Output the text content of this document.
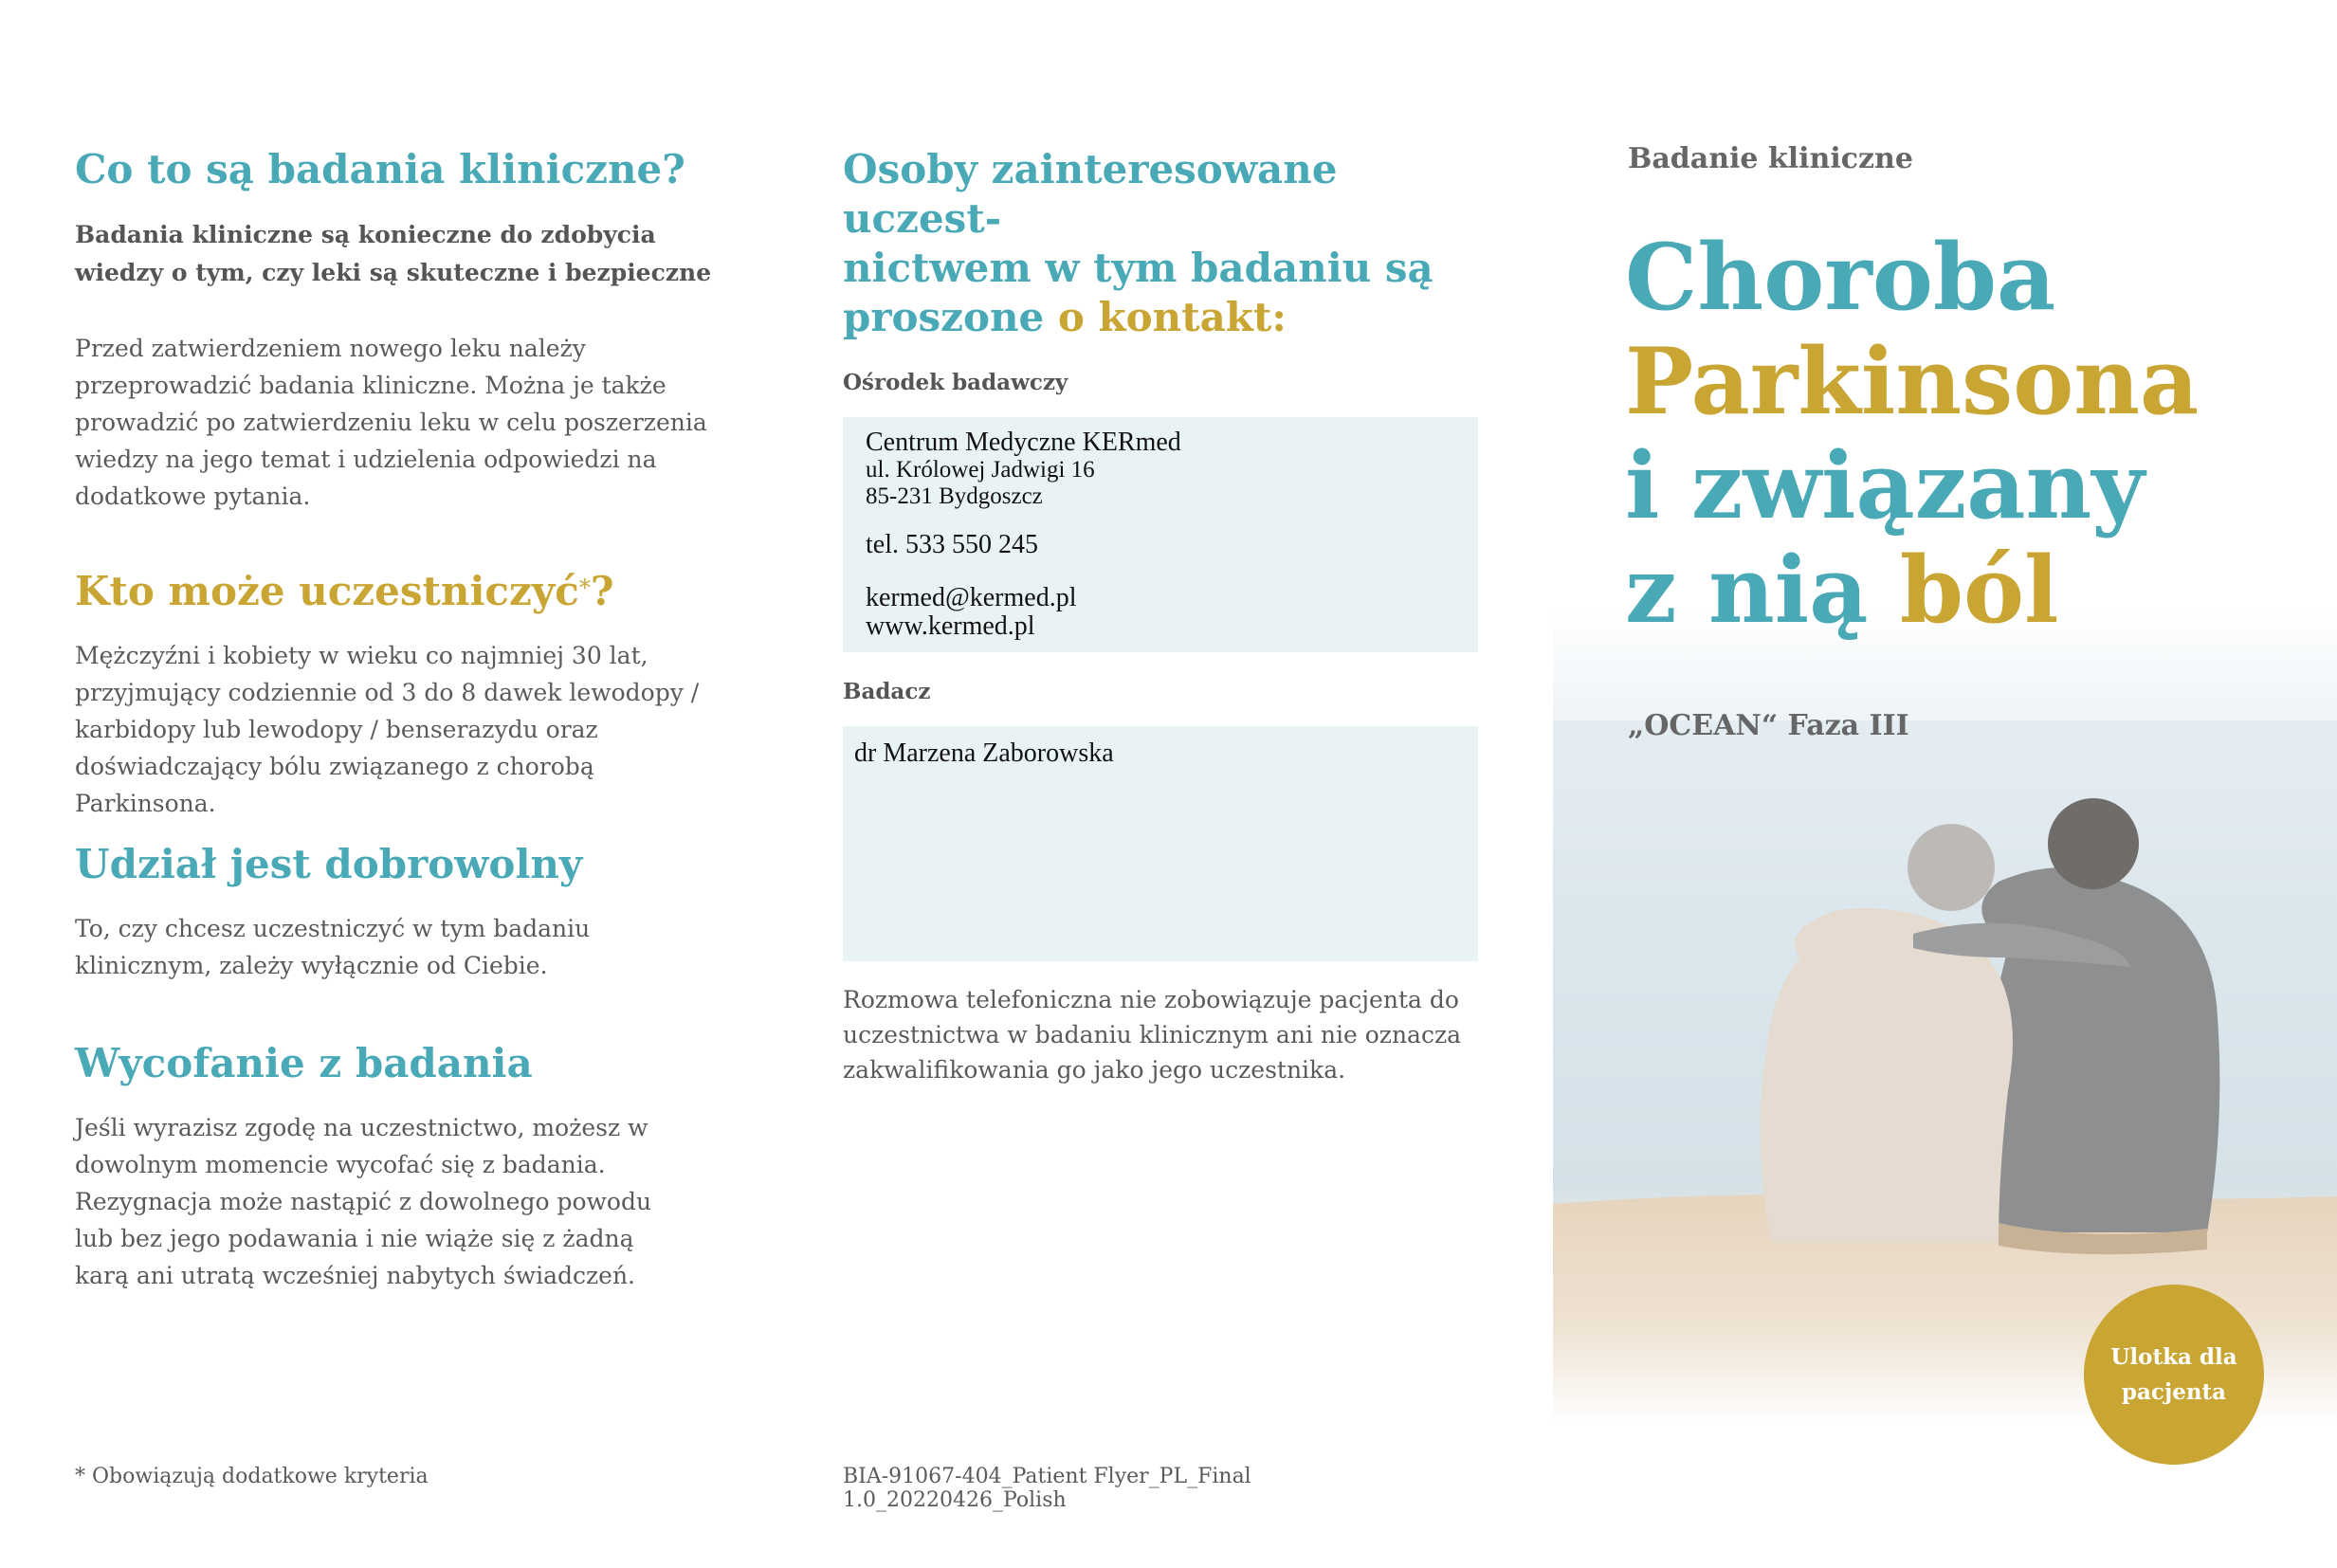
Co to są badania kliniczne?

Badania kliniczne są konieczne do zdobycia wiedzy o tym, czy leki są skuteczne i bezpieczne

Przed zatwierdzeniem nowego leku należy przeprowadzić badania kliniczne. Można je także prowadzić po zatwierdzeniu leku w celu poszerzenia wiedzy na jego temat i udzielenia odpowiedzi na dodatkowe pytania.

Kto może uczestniczyć*?

Mężczyźni i kobiety w wieku co najmniej 30 lat, przyjmujący codziennie od 3 do 8 dawek lewodopy / karbidopy lub lewodopy / benserazydu oraz doświadczający bólu związanego z chorobą Parkinsona.

Udział jest dobrowolny

To, czy chcesz uczestniczyć w tym badaniu klinicznym, zależy wyłącznie od Ciebie.

Wycofanie z badania

Jeśli wyrazisz zgodę na uczestnictwo, możesz w dowolnym momencie wycofać się z badania. Rezygnacja może nastąpić z dowolnego powodu lub bez jego podawania i nie wiąże się z żadną karą ani utratą wcześniej nabytych świadczeń.

* Obowiązują dodatkowe kryteria
Osoby zainteresowane uczest-
nictwem w tym badaniu są
proszone o kontakt:

Ośrodek badawczy

Centrum Medyczne KERmed
ul. Królowej Jadwigi 16
85-231 Bydgoszcz
tel. 533 550 245
kermed@kermed.pl
www.kermed.pl

Badacz

dr Marzena Zaborowska

Rozmowa telefoniczna nie zobowiązuje pacjenta do uczestnictwa w badaniu klinicznym ani nie oznacza zakwalifikowania go jako jego uczestnika.

BIA-91067-404_Patient Flyer_PL_Final 1.0_20220426_Polish

Badanie kliniczne

Choroba

Parkinsona

i związany

z nią ból

„OCEAN“ Faza III

Ulotka dla pacjenta
